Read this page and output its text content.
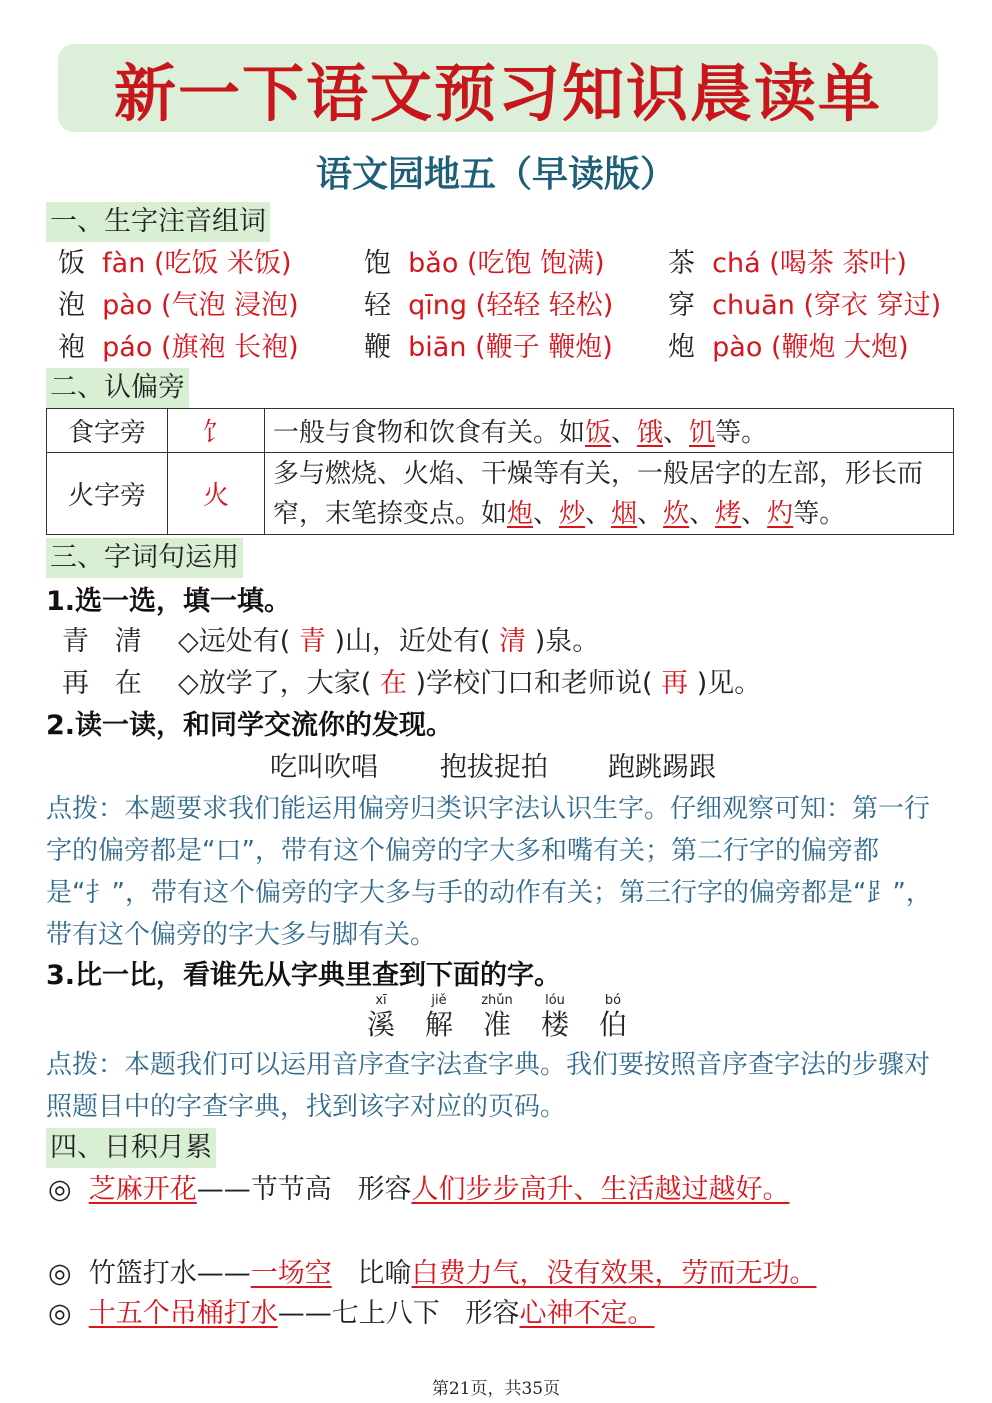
新一下语文预习 知识晨读单
语文园地五（早读版）
一、生字注音组词
饭 fàn (吃饭 米饭)	饱 bǎo (吃饱 饱满) 茶 chá (喝茶 茶叶)
泡 pào (气泡 浸泡) 轻 qīng (轻轻 轻松) 穿 chuān (穿衣 穿过)
袍 páo (旗袍 长袍) 鞭 biān (鞭子 鞭炮) 炮 pào (鞭炮 大炮)
二、认偏旁
食字旁	饣	一般与食物和饮食有关。如饭、饿、饥等。
火字旁	火	多与燃烧、火焰、干燥等有关，一般居字的左部，形长而窄，末笔捺变点。如炮、炒、烟、炊、烤、灼等。
三、字词句运用
1.选一选，填一填。
青   清 ◇远处有( 青 )山，近处有( 清 )泉。
再   在 ◇放学了，大家( 在 )学校门口和老师说( 再 )见。
2.读一读，和同学交流你的发现。
吃叫吹唱 抱拔捉拍 跑跳踢跟
点拨：本题要求我们能运用偏旁归类识字法认识生字。仔细观察可知：第一行字的偏旁都是“口”，带有这个偏旁的字大多和嘴有关；第二行字的偏旁都是“扌”，带有这个偏旁的字大多与手的动作有关；第三行字的偏旁都是“⻊”，带有这个偏旁的字大多与脚有关。
3.比一比，看谁先从字典里查到下面的字。
xī
溪
jiě
解
zhǔn
准
lóu
楼
bó
伯
点拨：本题我们可以运用音序查字法查字典。我们要按照音序查字法的步骤对照题目中的字查字典，找到该字对应的页码。
四、日积月累
◎ 芝麻开花——节节高 形容人们步步高升、生活越过越好。
◎ 竹篮打水——一场空 比喻白费力气，没有效果，劳而无功。
◎ 十五个吊桶打水——七上八下 形容心神不定。
第21页，共35页
